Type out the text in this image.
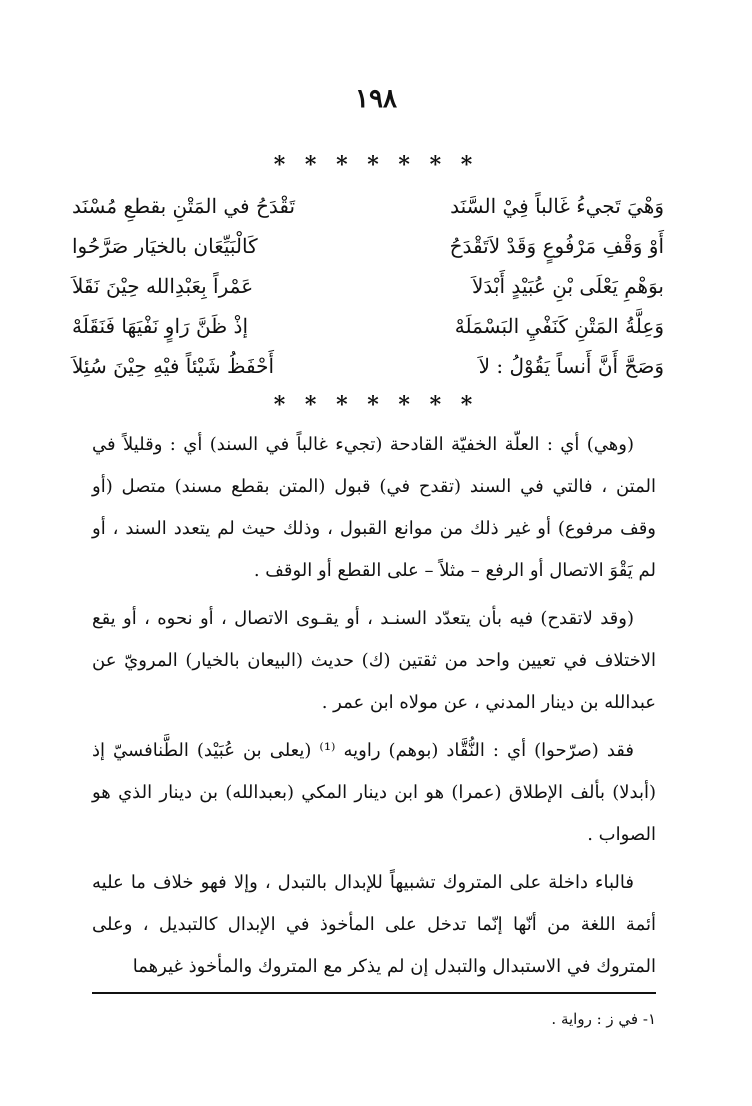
١٩٨
* * * * * * *
وَهْيَ تَجيءُ غَالباً فِيْ السَّنَد
تَقْدَحُ في المَتْنِ بقطعِ مُسْنَد
أَوْ وَقْفِ مَرْفُوعٍ وَقَدْ لاَتَقْدَحُ
كَالْبَيِّعَان بالخيَار صَرَّحُوا
بوَهْمِ يَعْلَى بْنِ عُبَيْدٍ أَبْدَلاَ
عَمْراً بِعَبْدِالله حِيْنَ نَقَلاَ
وَعِلَّةُ المَتْنِ كَنَفْيِ البَسْمَلَهْ
إذْ ظَنَّ رَاوٍ نَفْيَهَا فَنَقَلَهْ
وَصَحَّ أَنَّ أَنساً يَقُوْلُ : لاَ
أَحْفَظُ شَيْئاً فيْهِ حِيْنَ سُئِلاَ
* * * * * * *

(وهي) أي : العلّة الخفيّة القادحة (تجيء غالباً في السند) أي : وقليلاً في المتن ، فالتي في السند (تقدح في) قبول (المتن بقطع مسند) متصل (أو وقف مرفوع) أو غير ذلك من موانع القبول ، وذلك حيث لم يتعدد السند ، أو لم يَقْوَ الاتصال أو الرفع – مثلاً – على القطع أو الوقف .

(وقد لاتقدح) فيه بأن يتعدّد السنـد ، أو يقـوى الاتصال ، أو نحوه ، أو يقع الاختلاف في تعيين واحد من ثقتين (ك) حديث (البيعان بالخيار) المرويّ عن عبدالله بن دينار المدني ، عن مولاه ابن عمر .

فقد (صرّحوا) أي : النُّقَّاد (بوهم) راويه ⁽¹⁾ (يعلى بن عُبَيْد) الطَّنافسيّ إذ (أبدلا) بألف الإطلاق (عمرا) هو ابن دينار المكي (بعبدالله) بن دينار الذي هو الصواب .

فالباء داخلة على المتروك تشبيهاً للإبدال بالتبدل ، وإلا فهو خلاف ما عليه أئمة اللغة من أنّها إنّما تدخل على المأخوذ في الإبدال كالتبديل ، وعلى المتروك في الاستبدال والتبدل إن لم يذكر مع المتروك والمأخوذ غيرهما

١- في ز : رواية .
